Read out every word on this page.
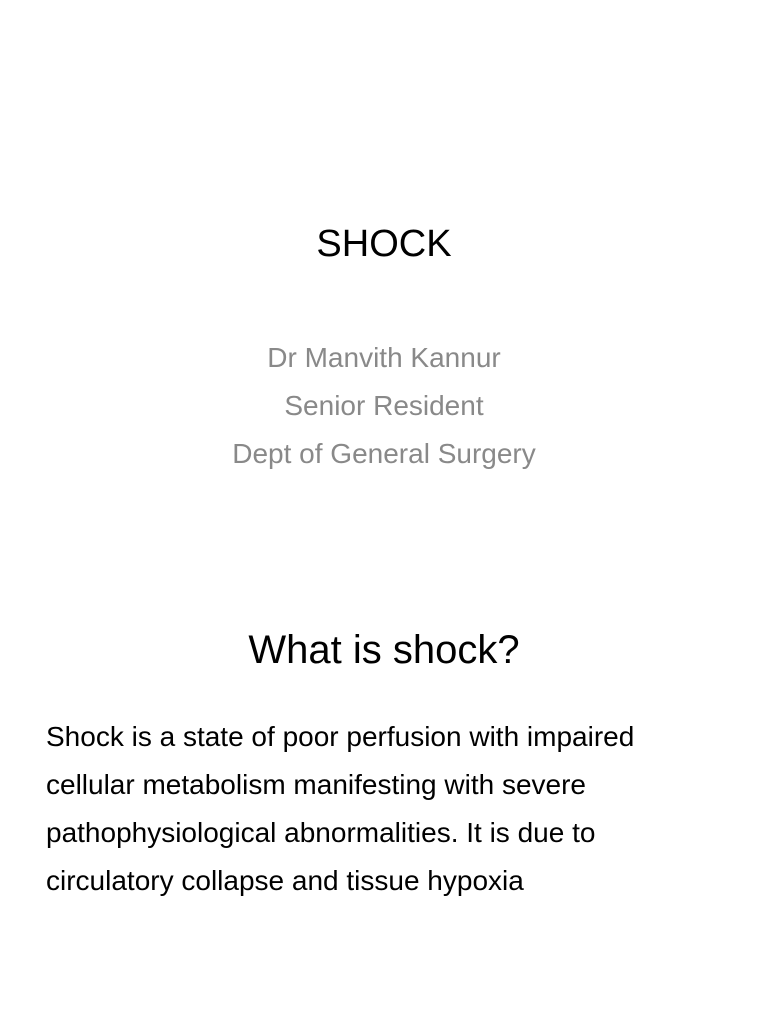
SHOCK
Dr Manvith Kannur
Senior Resident
Dept of General Surgery
What is shock?
Shock is a state of poor perfusion with impaired
cellular metabolism manifesting with severe
pathophysiological abnormalities. It is due to
circulatory collapse and tissue hypoxia
